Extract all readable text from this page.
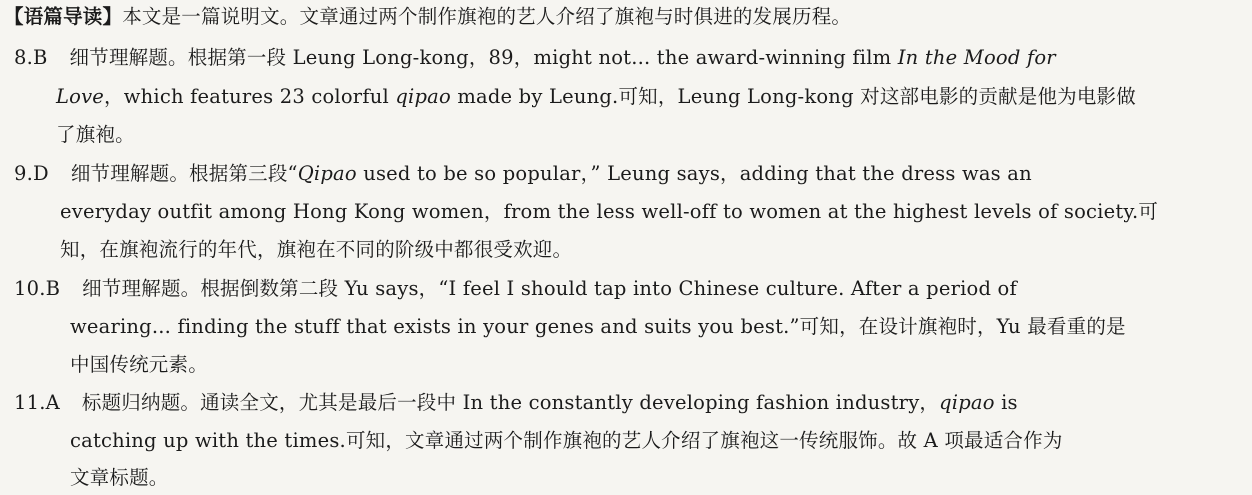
【语篇导读】本文是一篇说明文。文章通过两个制作旗袍的艺人介绍了旗袍与时俱进的发展历程。
8.B 细节理解题。根据第一段 Leung Long-kong，89，might not... the award-winning film In the Mood for
Love，which features 23 colorful qipao made by Leung.可知，Leung Long-kong 对这部电影的贡献是他为电影做
了旗袍。
9.D 细节理解题。根据第三段“Qipao used to be so popular，” Leung says，adding that the dress was an
everyday outfit among Hong Kong women，from the less well-off to women at the highest levels of society.可
知，在旗袍流行的年代，旗袍在不同的阶级中都很受欢迎。
10.B 细节理解题。根据倒数第二段 Yu says，“I feel I should tap into Chinese culture. After a period of
wearing... finding the stuff that exists in your genes and suits you best.”可知，在设计旗袍时，Yu 最看重的是
中国传统元素。
11.A 标题归纳题。通读全文，尤其是最后一段中 In the constantly developing fashion industry，qipao is
catching up with the times.可知，文章通过两个制作旗袍的艺人介绍了旗袍这一传统服饰。故 A 项最适合作为
文章标题。
